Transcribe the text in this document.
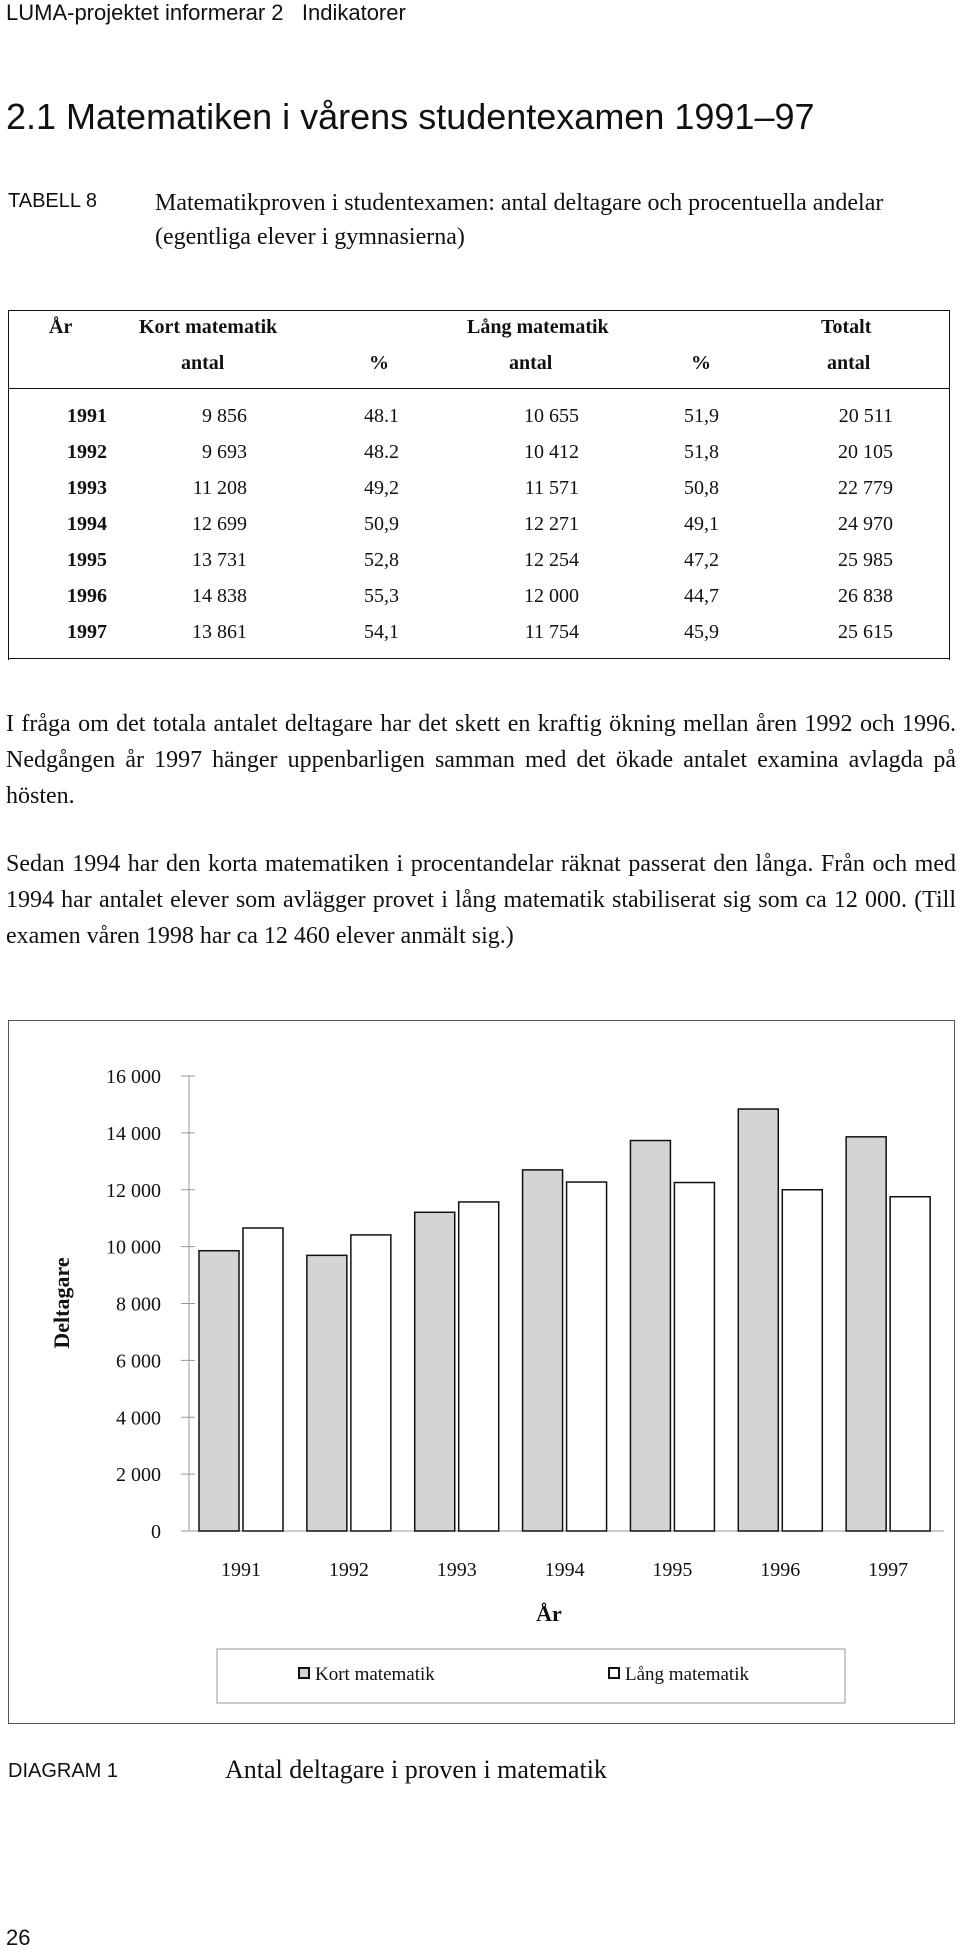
LUMA-projektet informerar 2   Indikatorer
2.1 Matematiken i vårens studentexamen 1991–97
TABELL 8 Matematikproven i studentexamen: antal deltagare och procentuella andelar (egentliga elever i gymnasierna)
År	Kort matematik	Lång matematik	Totalt
antal	%	antal	%	antal
1991	9 856	48.1	10 655	51,9	20 511
1992	9 693	48.2	10 412	51,8	20 105
1993	11 208	49,2	11 571	50,8	22 779
1994	12 699	50,9	12 271	49,1	24 970
1995	13 731	52,8	12 254	47,2	25 985
1996	14 838	55,3	12 000	44,7	26 838
1997	13 861	54,1	11 754	45,9	25 615
I fråga om det totala antalet deltagare har det skett en kraftig ökning mellan åren 1992 och 1996. Nedgången år 1997 hänger uppenbarligen samman med det ökade antalet examina avlagda på hösten.
Sedan 1994 har den korta matematiken i procentandelar räknat passerat den långa. Från och med 1994 har antalet elever som avlägger provet i lång matematik stabiliserat sig som ca 12 000. (Till examen våren 1998 har ca 12 460 elever anmält sig.)
0
2 000
4 000
6 000
8 000
10 000
12 000
14 000
16 000
1991	1992	1993	1994	1995	1996	1997
År
Deltagare
Kort matematik	Lång matematik
DIAGRAM 1	Antal deltagare i proven i matematik
26
